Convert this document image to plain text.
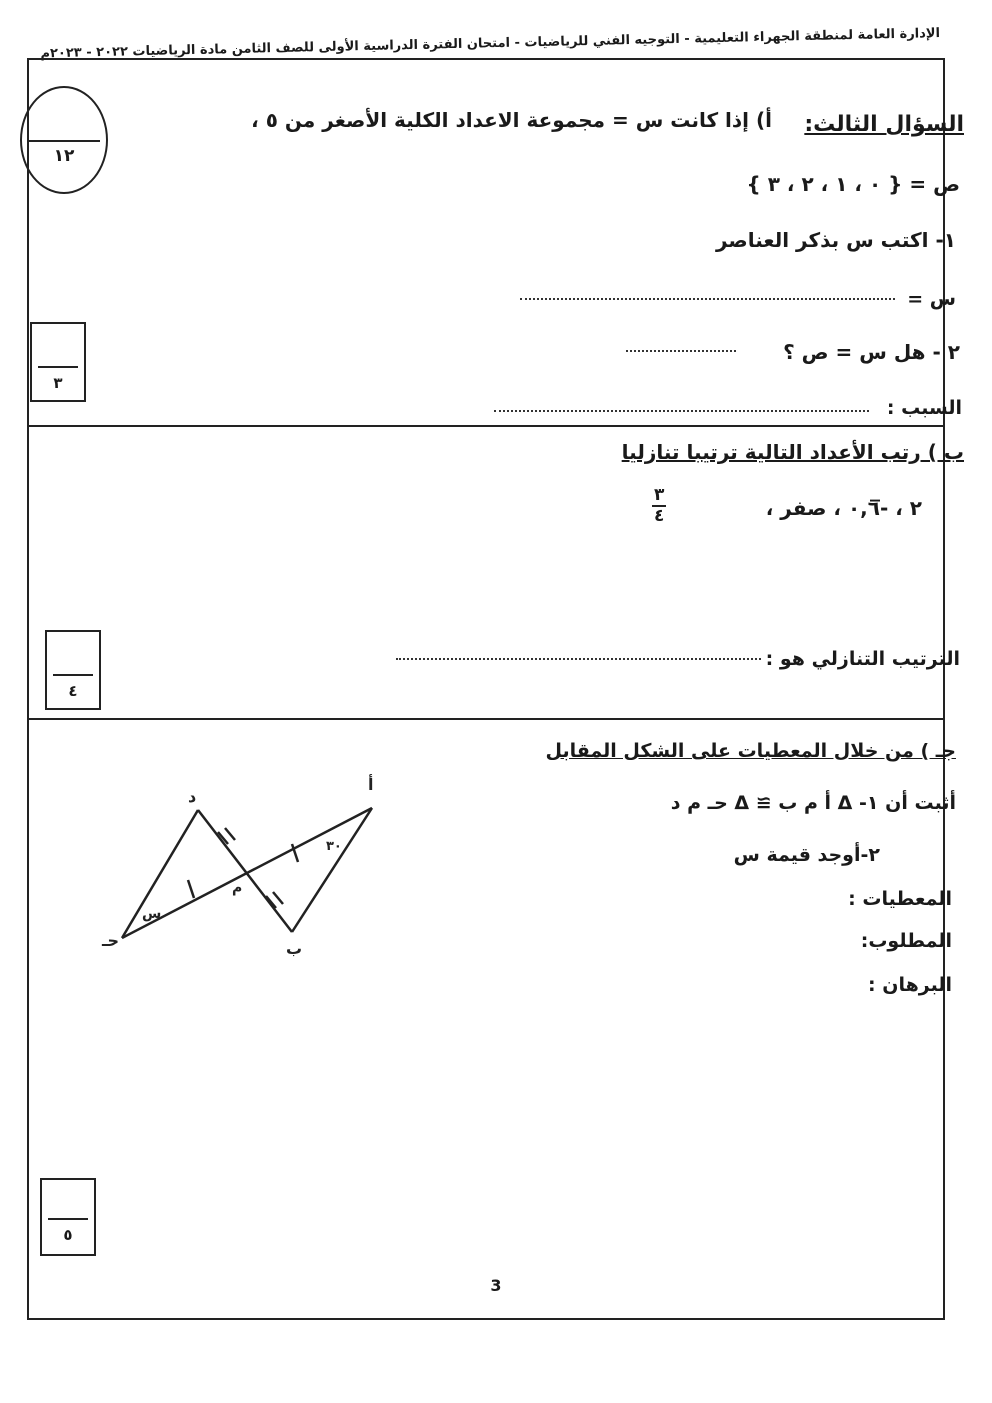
الإدارة العامة لمنطقة الجهراء التعليمية - التوجيه الفني للرياضيات - امتحان الفترة الدراسية الأولى للصف الثامن مادة الرياضيات ٢٠٢٢ - ٢٠٢٣م
١٢
السؤال الثالث:
أ) إذا كانت س = مجموعة الاعداد الكلية الأصغر من ٥ ،
ص = { ٠ ، ١ ، ٢ ، ٣ }
١- اكتب س بذكر العناصر
س =
٢ - هل س = ص ؟
السبب :
٣
ب ) رتب الأعداد التالية ترتيبا تنازليا
٢ ، -٠,٦̅ ، صفر ،
$\frac{٣}{٤}$
الترتيب التنازلي هو :
٤
جـ ) من خلال المعطيات على الشكل المقابل
أثبت أن ١- Δ أ م ب ≅ Δ حـ م د
٢-أوجد قيمة س
المعطيات :
المطلوب:
البرهان :
د
أ
ب
حـ
م
س
٣٠
٥
3
